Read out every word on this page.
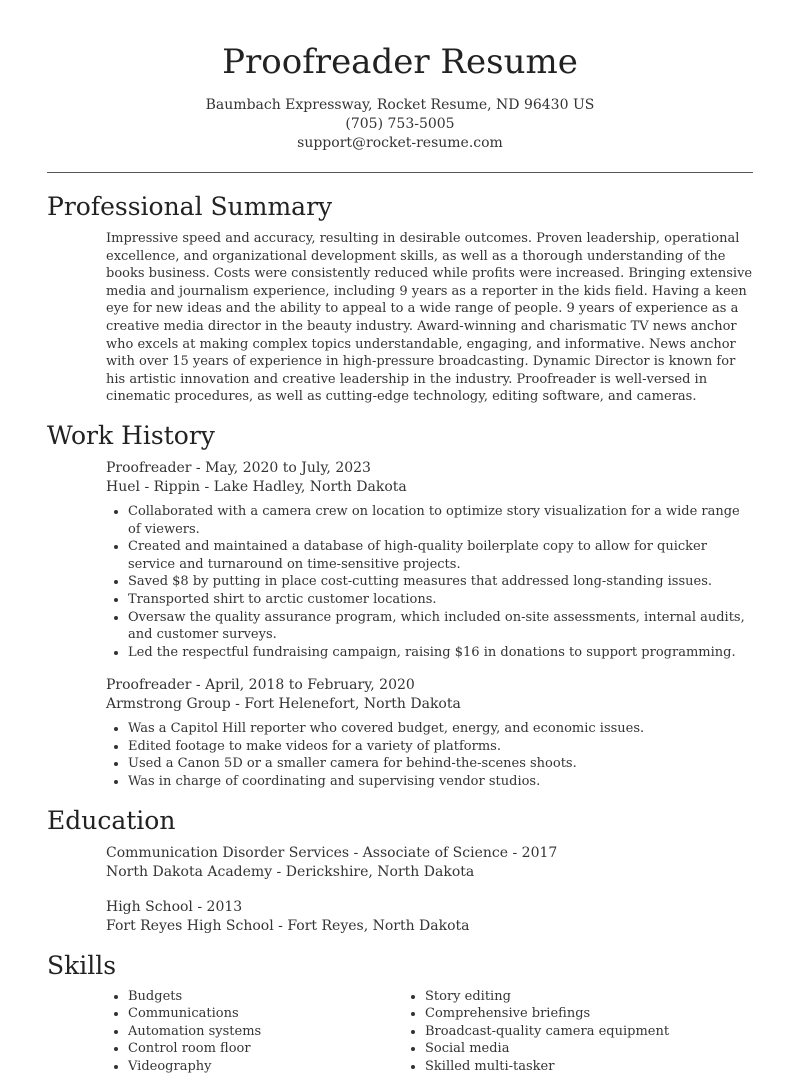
Proofreader Resume
Baumbach Expressway, Rocket Resume, ND 96430 US
(705) 753-5005
support@rocket-resume.com
Professional Summary

Impressive speed and accuracy, resulting in desirable outcomes. Proven leadership, operational excellence, and organizational development skills, as well as a thorough understanding of the books business. Costs were consistently reduced while profits were increased. Bringing extensive media and journalism experience, including 9 years as a reporter in the kids field. Having a keen eye for new ideas and the ability to appeal to a wide range of people. 9 years of experience as a creative media director in the beauty industry. Award-winning and charismatic TV news anchor who excels at making complex topics understandable, engaging, and informative. News anchor with over 15 years of experience in high-pressure broadcasting. Dynamic Director is known for his artistic innovation and creative leadership in the industry. Proofreader is well-versed in cinematic procedures, as well as cutting-edge technology, editing software, and cameras.

Work History
Proofreader - May, 2020 to July, 2023
Huel - Rippin - Lake Hadley, North Dakota
• Collaborated with a camera crew on location to optimize story visualization for a wide range of viewers.
• Created and maintained a database of high-quality boilerplate copy to allow for quicker service and turnaround on time-sensitive projects.
• Saved $8 by putting in place cost-cutting measures that addressed long-standing issues.
• Transported shirt to arctic customer locations.
• Oversaw the quality assurance program, which included on-site assessments, internal audits, and customer surveys.
• Led the respectful fundraising campaign, raising $16 in donations to support programming.
Proofreader - April, 2018 to February, 2020
Armstrong Group - Fort Helenefort, North Dakota
• Was a Capitol Hill reporter who covered budget, energy, and economic issues.
• Edited footage to make videos for a variety of platforms.
• Used a Canon 5D or a smaller camera for behind-the-scenes shoots.
• Was in charge of coordinating and supervising vendor studios.
Education
Communication Disorder Services - Associate of Science - 2017
North Dakota Academy - Derickshire, North Dakota
High School - 2013
Fort Reyes High School - Fort Reyes, North Dakota
Skills
• Budgets
• Communications
• Automation systems
• Control room floor
• Videography
• Story editing
• Comprehensive briefings
• Broadcast-quality camera equipment
• Social media
• Skilled multi-tasker
